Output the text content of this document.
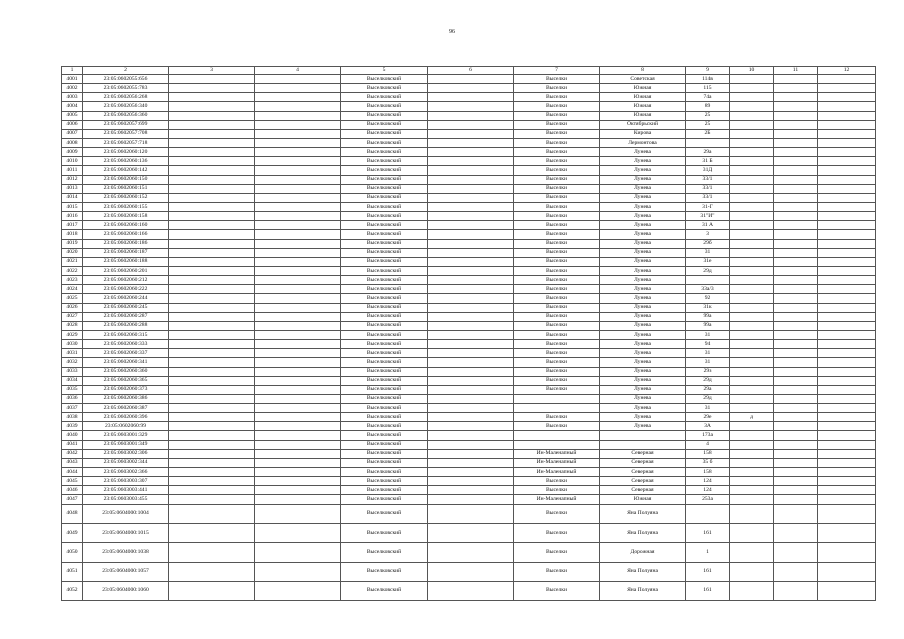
96
1	2	3	4	5	6	7	8	9	10	11	12
4001	23:05:0602055:656			Выселковский		Выселки	Советская	114в			
4002	23:05:0602055:783			Выселковский		Выселки	Южная	115			
4003	23:05:0602056:268			Выселковский		Выселки	Южная	74а			
4004	23:05:0602056:340			Выселковский		Выселки	Южная	89			
4005	23:05:0602056:360			Выселковский		Выселки	Южная	25			
4006	23:05:0602057:699			Выселковский		Выселки	Октябрьский	25			
4007	23:05:0602057:708			Выселковский		Выселки	Кирова	2Б			
4008	23:05:0602057:718			Выселковский		Выселки	Лермонтова				
4009	23:05:0602060:120			Выселковский		Выселки	Лунева	29а			
4010	23:05:0602060:136			Выселковский		Выселки	Лунева	31 Б			
4011	23:05:0602060:142			Выселковский		Выселки	Лунева	31Д			
4012	23:05:0602060:150			Выселковский		Выселки	Лунева	33/1			
4013	23:05:0602060:151			Выселковский		Выселки	Лунева	33/1			
4014	23:05:0602060:152			Выселковский		Выселки	Лунева	33/1			
4015	23:05:0602060:155			Выселковский		Выселки	Лунева	31-Г			
4016	23:05:0602060:158			Выселковский		Выселки	Лунева	31"И"			
4017	23:05:0602060:160			Выселковский		Выселки	Лунева	31 А			
4018	23:05:0602060:166			Выселковский		Выселки	Лунева	3			
4019	23:05:0602060:186			Выселковский		Выселки	Лунева	29б			
4020	23:05:0602060:187			Выселковский		Выселки	Лунева	31			
4021	23:05:0602060:188			Выселковский		Выселки	Лунева	31е			
4022	23:05:0602060:201			Выселковский		Выселки	Лунева	29д			
4023	23:05:0602060:212			Выселковский		Выселки	Лунева				
4024	23:05:0602060:222			Выселковский		Выселки	Лунева	33а/3			
4025	23:05:0602060:244			Выселковский		Выселки	Лунева	92			
4026	23:05:0602060:245			Выселковский		Выселки	Лунева	31к			
4027	23:05:0602060:287			Выселковский		Выселки	Лунева	99а			
4028	23:05:0602060:288			Выселковский		Выселки	Лунева	99а			
4029	23:05:0602060:315			Выселковский		Выселки	Лунева	31			
4030	23:05:0602060:333			Выселковский		Выселки	Лунева	94			
4031	23:05:0602060:337			Выселковский		Выселки	Лунева	31			
4032	23:05:0602060:341			Выселковский		Выселки	Лунева	31			
4033	23:05:0602060:360			Выселковский		Выселки	Лунева	29з			
4034	23:05:0602060:365			Выселковский		Выселки	Лунева	29д			
4035	23:05:0602060:373			Выселковский		Выселки	Лунева	29а			
4036	23:05:0602060:386			Выселковский			Лунева	29д			
4037	23:05:0602060:387			Выселковский			Лунева	31			
4038	23:05:0602060:396			Выселковский		Выселки	Лунева	29е	д		
4039	23:05:0602060:99			Выселковский		Выселки	Лунева	3А			
4040	23:05:0603001:329			Выселковский				173а			
4041	23:05:0603001:349			Выселковский				4			
4042	23:05:0603002:306			Выселковский		Ин-Маленапный	Северная	158			
4043	23:05:0603002:344			Выселковский		Ин-Маленапный	Северная	35 б			
4044	23:05:0603002:366			Выселковский		Ин-Маленапный	Северная	158			
4045	23:05:0603003:307			Выселковский		Выселки	Северная	124			
4046	23:05:0603003:441			Выселковский		Выселки	Северная	124			
4047	23:05:0603003:455			Выселковский		Ин-Маленапный	Южная	253а			
4048	23:05:0604000:1004			Выселковский		Выселки	Яна Полуяна				
4049	23:05:0604000:1015			Выселковский		Выселки	Яна Полуяна	161			
4050	23:05:0604000:1038			Выселковский		Выселки	Дорожная	1			
4051	23:05:0604000:1057			Выселковский		Выселки	Яна Полуяна	161			
4052	23:05:0604000:1060			Выселковский		Выселки	Яна Полуяна	161			
